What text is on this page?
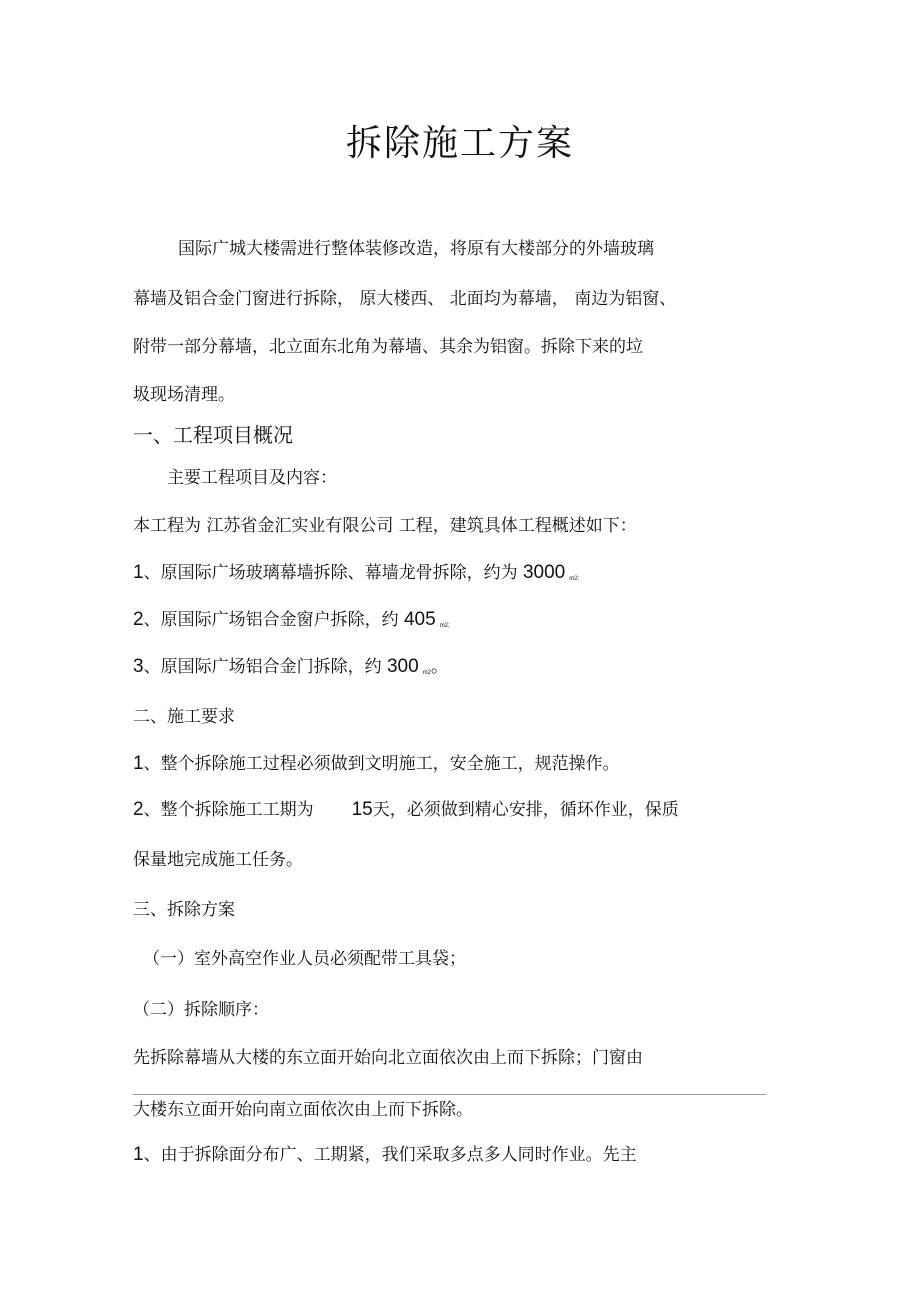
拆除施工方案
国际广城大楼需进行整体装修改造，将原有大楼部分的外墙玻璃
幕墙及铝合金门窗进行拆除， 原大楼西、 北面均为幕墙， 南边为铝窗、
附带一部分幕墙，北立面东北角为幕墙、其余为铝窗。拆除下来的垃
圾现场清理。
一、工程项目概况
主要工程项目及内容：
本工程为 江苏省金汇实业有限公司 工程，建筑具体工程概述如下：
1、原国际广场玻璃幕墙拆除、幕墙龙骨拆除，约为 3000 m2;
2、原国际广场铝合金窗户拆除，约 405 m2;
3、原国际广场铝合金门拆除，约 300 m2。
二、施工要求
1、整个拆除施工过程必须做到文明施工，安全施工，规范操作。
2、整个拆除施工工期为 15天，必须做到精心安排，循环作业，保质
保量地完成施工任务。
三、拆除方案
（一）室外高空作业人员必须配带工具袋；
（二）拆除顺序：
先拆除幕墙从大楼的东立面开始向北立面依次由上而下拆除；门窗由
大楼东立面开始向南立面依次由上而下拆除。
1、由于拆除面分布广、工期紧，我们采取多点多人同时作业。先主
